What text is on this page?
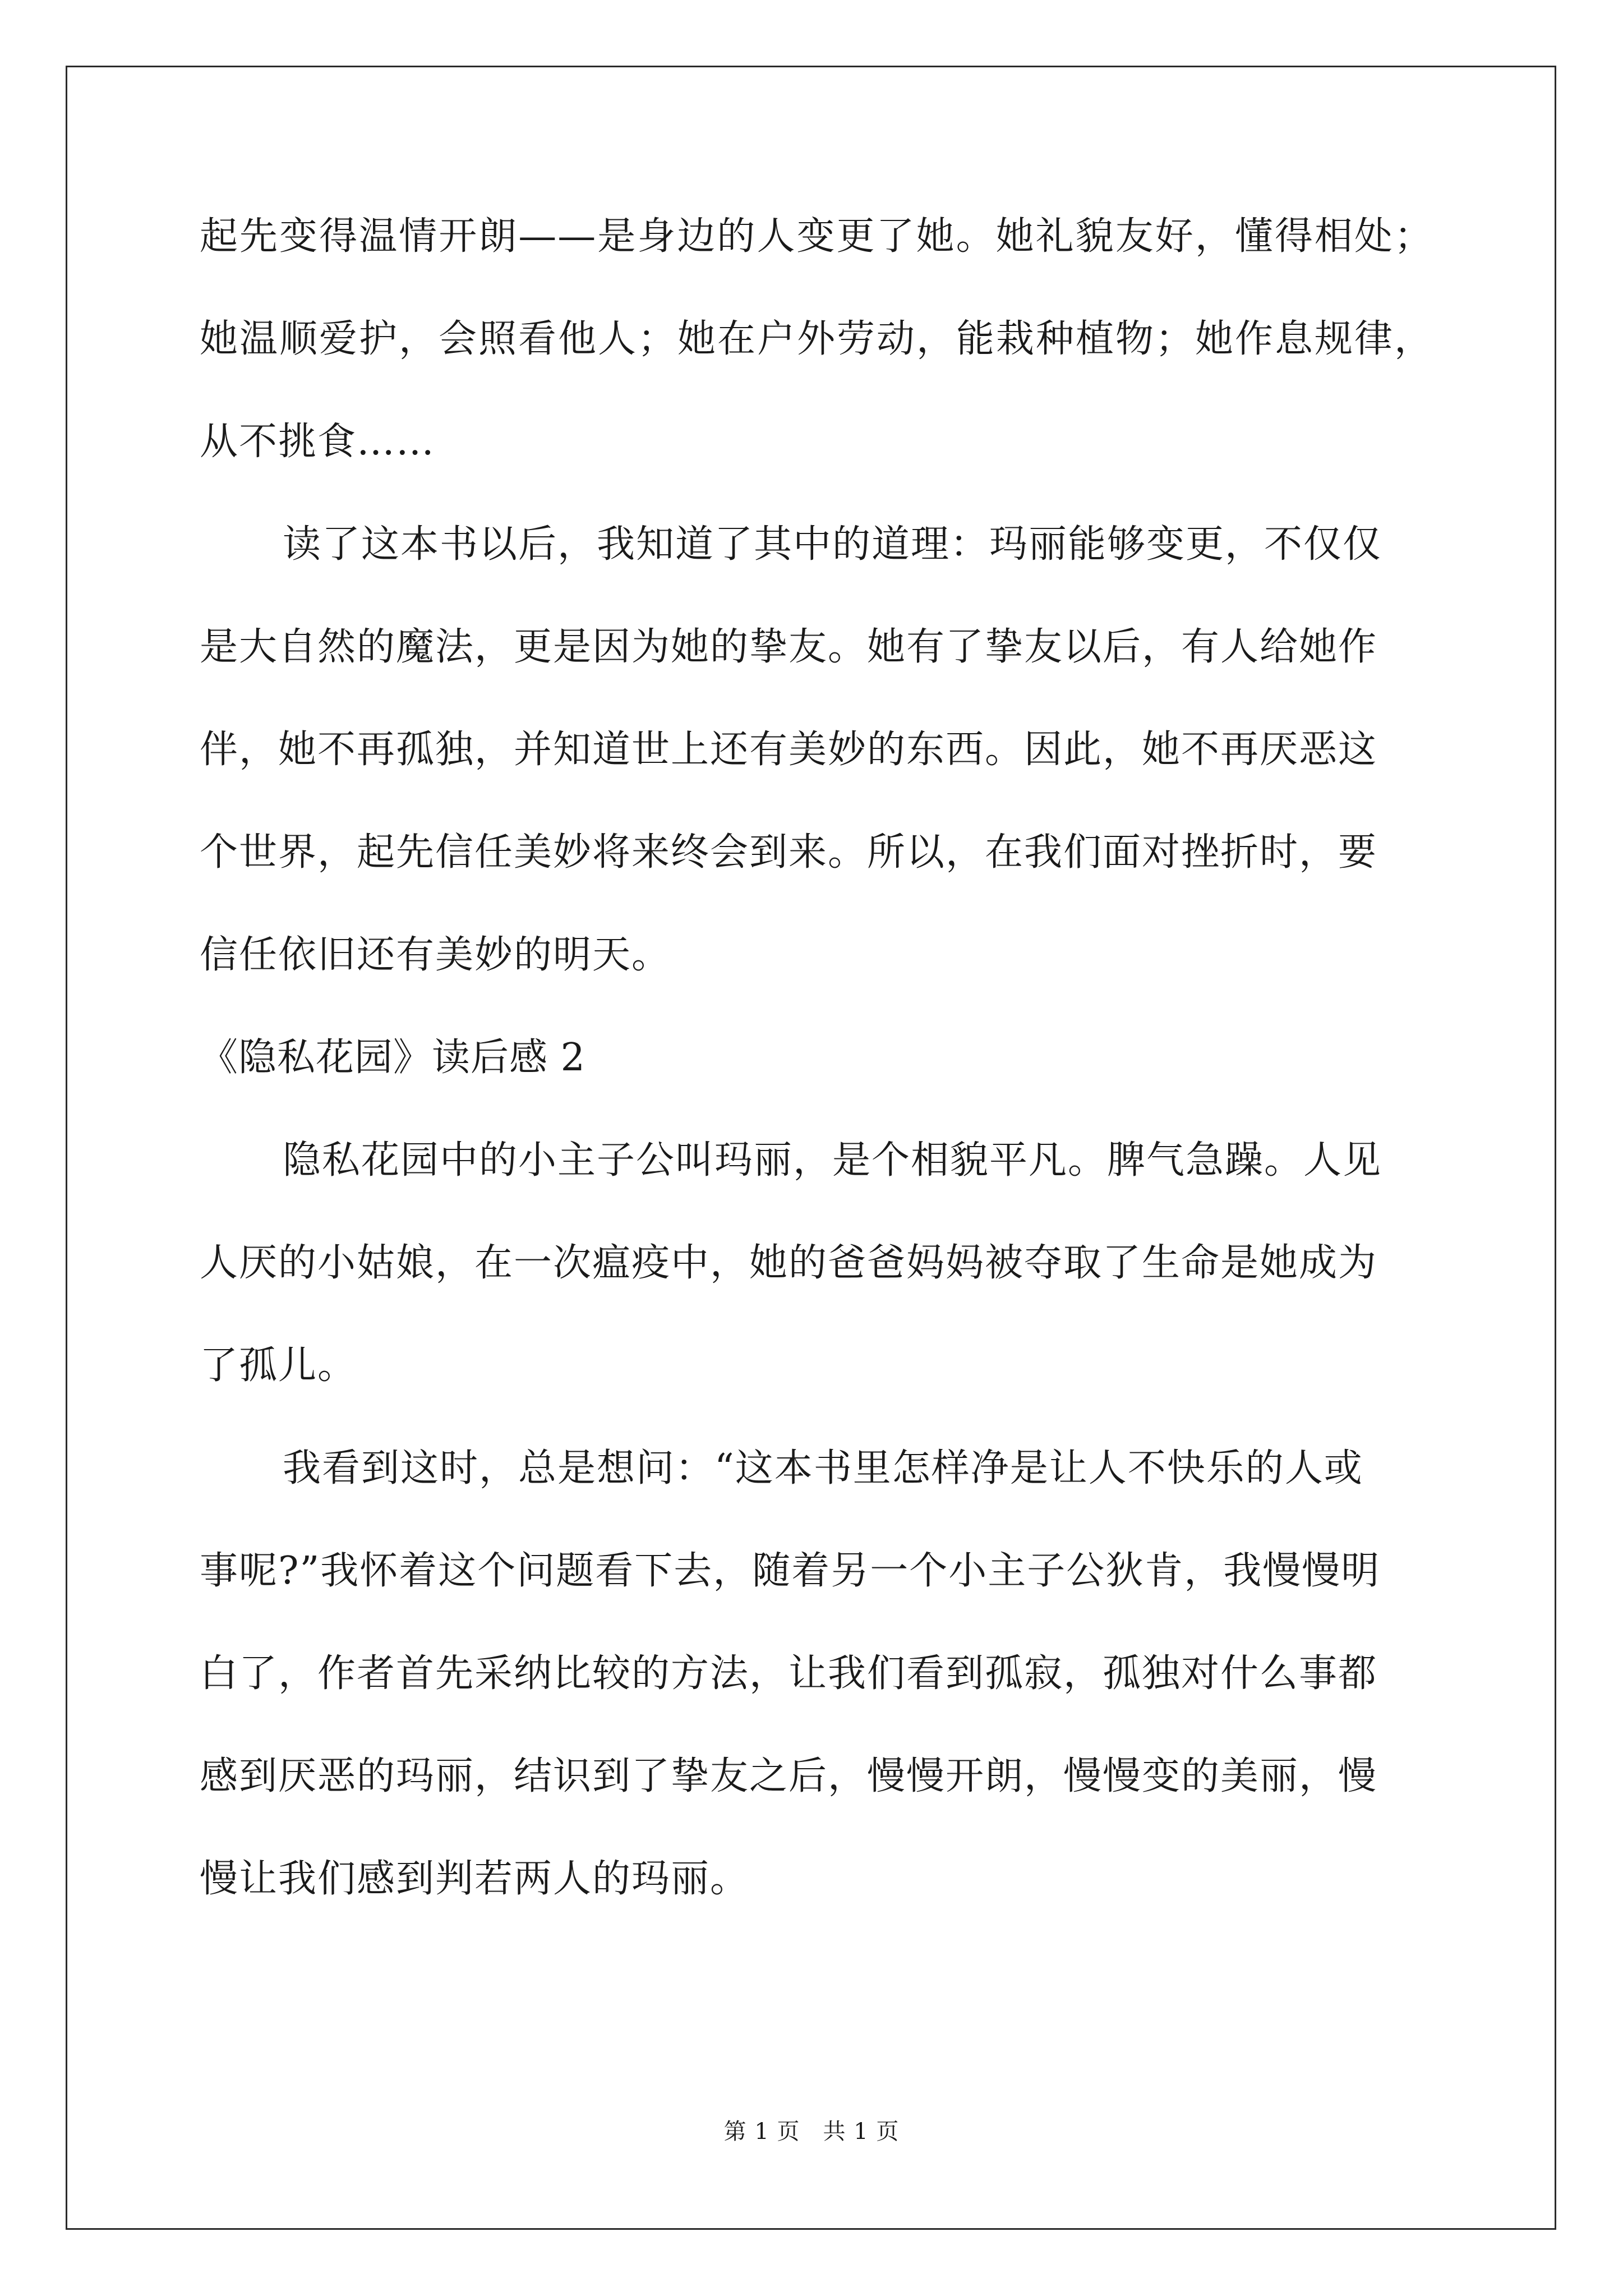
起先变得温情开朗——是身边的人变更了她。她礼貌友好，懂得相处；
她温顺爱护，会照看他人；她在户外劳动，能栽种植物；她作息规律，
从不挑食……
读了这本书以后，我知道了其中的道理：玛丽能够变更，不仅仅
是大自然的魔法，更是因为她的挚友。她有了挚友以后，有人给她作
伴，她不再孤独，并知道世上还有美妙的东西。因此，她不再厌恶这
个世界，起先信任美妙将来终会到来。所以，在我们面对挫折时，要
信任依旧还有美妙的明天。
《隐私花园》读后感 2
隐私花园中的小主子公叫玛丽，是个相貌平凡。脾气急躁。人见
人厌的小姑娘，在一次瘟疫中，她的爸爸妈妈被夺取了生命是她成为
了孤儿。
我看到这时，总是想问：“这本书里怎样净是让人不快乐的人或
事呢?”我怀着这个问题看下去，随着另一个小主子公狄肯，我慢慢明
白了，作者首先采纳比较的方法，让我们看到孤寂，孤独对什么事都
感到厌恶的玛丽，结识到了挚友之后，慢慢开朗，慢慢变的美丽，慢
慢让我们感到判若两人的玛丽。
第 1 页　共 1 页
